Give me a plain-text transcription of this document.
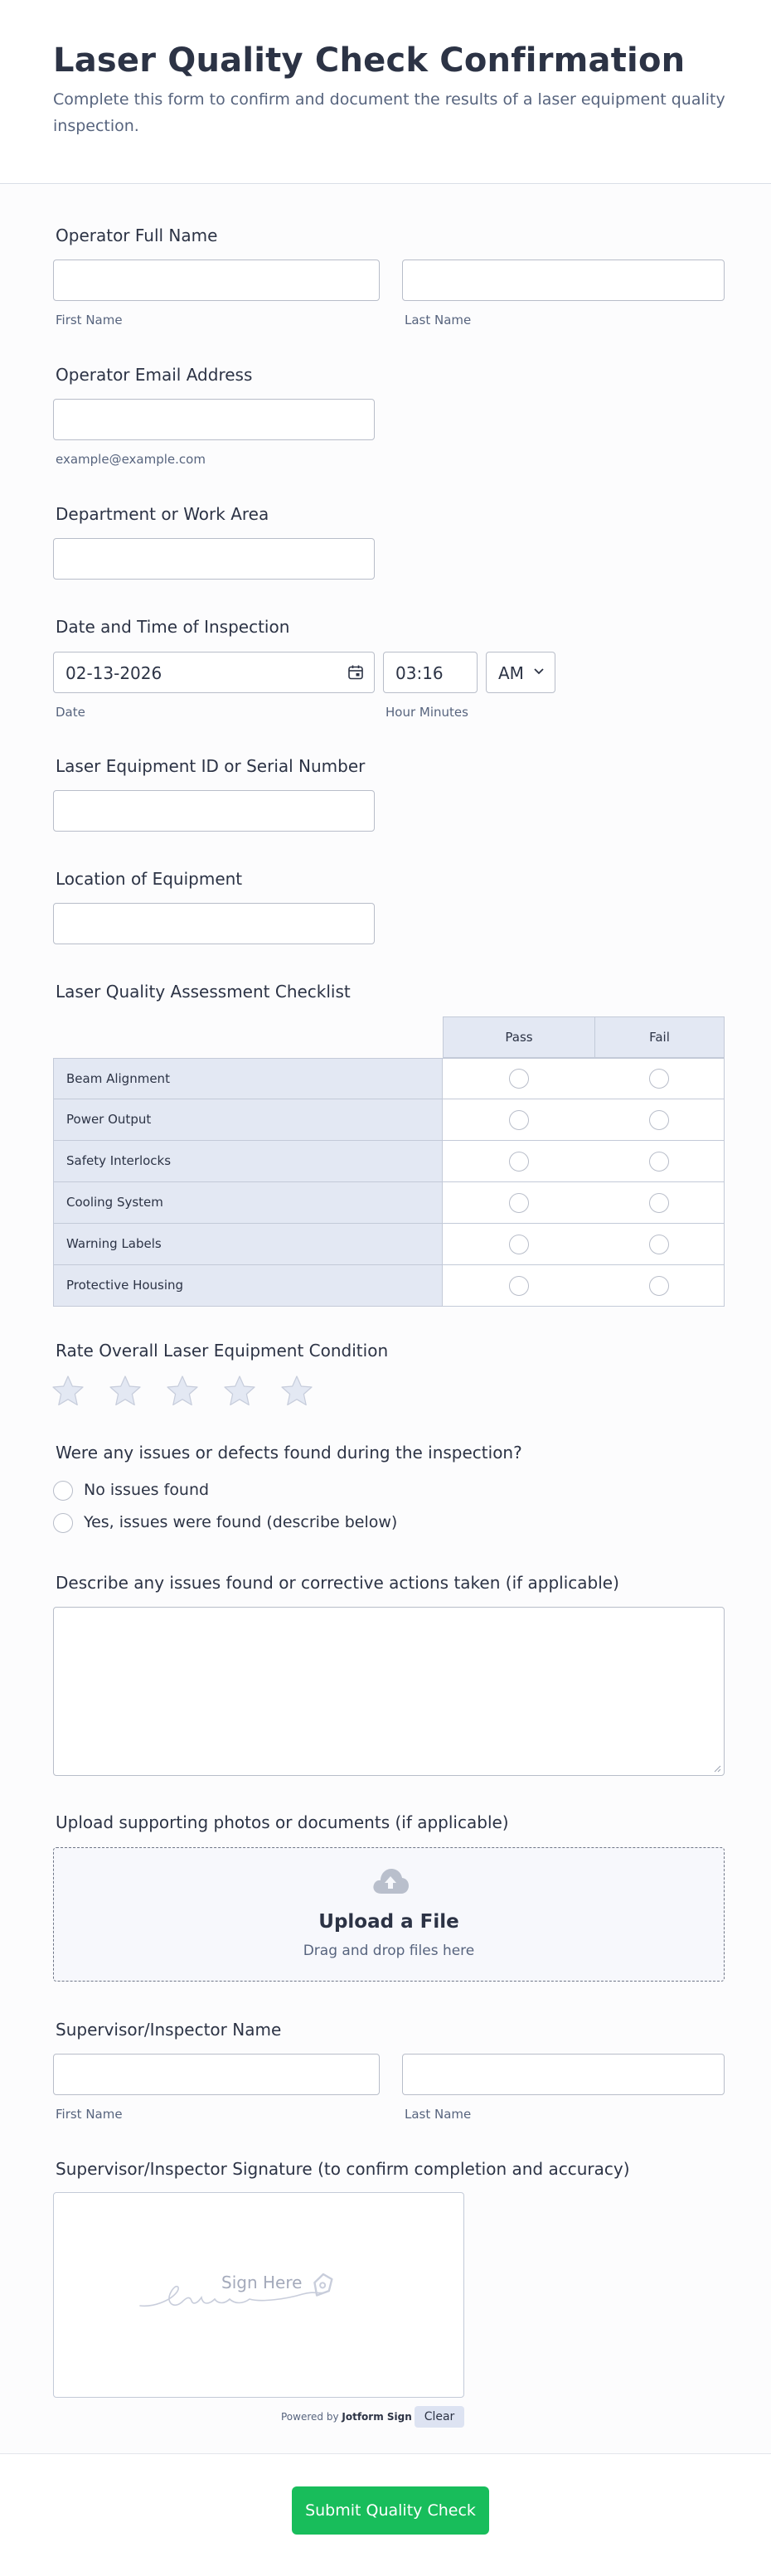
Laser Quality Check Confirmation

Complete this form to confirm and document the results of a laser equipment quality inspection.

Operator Full Name
First Name	Last Name
Operator Email Address
example@example.com
Department or Work Area
Date and Time of Inspection
02-13-2026	03:16	AM
Date	Hour Minutes
Laser Equipment ID or Serial Number
Location of Equipment
Laser Quality Assessment Checklist
Pass	Fail
Beam Alignment
Power Output
Safety Interlocks
Cooling System
Warning Labels
Protective Housing
Rate Overall Laser Equipment Condition
Were any issues or defects found during the inspection?
No issues found
Yes, issues were found (describe below)
Describe any issues found or corrective actions taken (if applicable)
Upload supporting photos or documents (if applicable)
Upload a File
Drag and drop files here
Supervisor/Inspector Name
First Name	Last Name
Supervisor/Inspector Signature (to confirm completion and accuracy)
Sign Here
Powered by Jotform Sign	Clear
Submit Quality Check
